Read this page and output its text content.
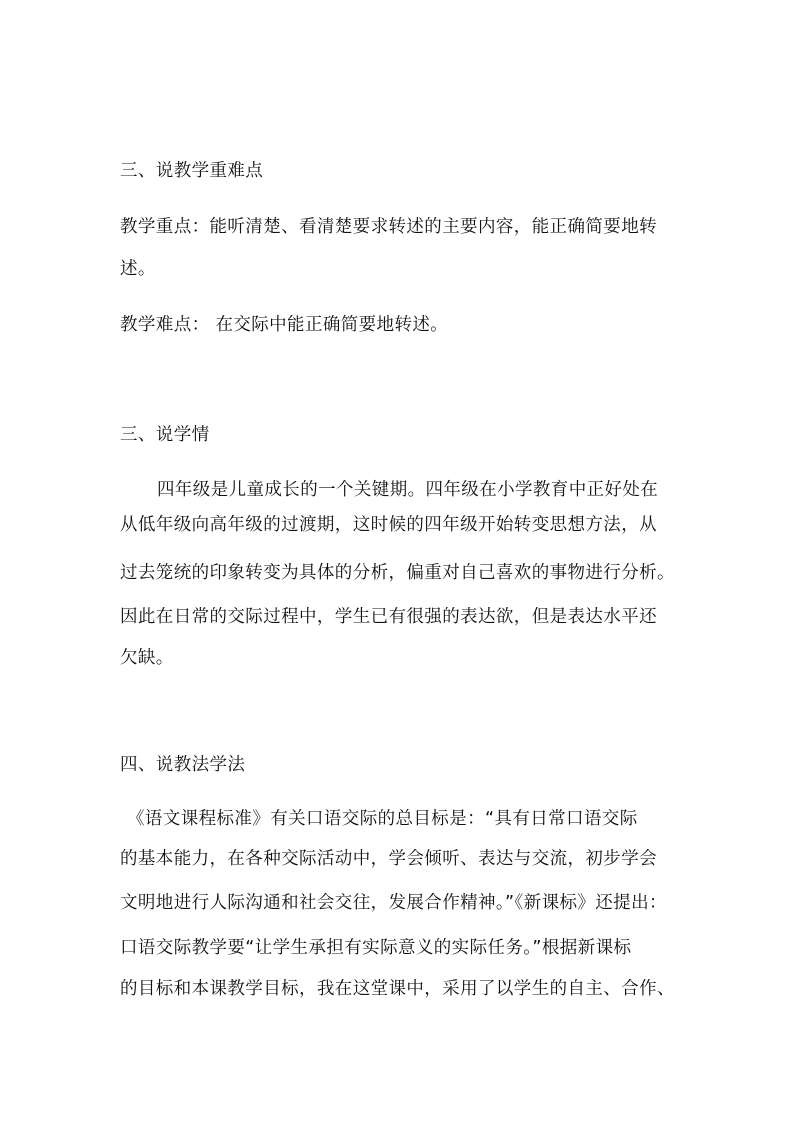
三、说教学重难点
教学重点：能听清楚、看清楚要求转述的主要内容，能正确简要地转
述。
教学难点： 在交际中能正确简要地转述。
三、说学情
四年级是儿童成长的一个关键期。四年级在小学教育中正好处在
从低年级向高年级的过渡期，这时候的四年级开始转变思想方法，从
过去笼统的印象转变为具体的分析，偏重对自己喜欢的事物进行分析。
因此在日常的交际过程中，学生已有很强的表达欲，但是表达水平还
欠缺。
四、说教法学法
《语文课程标准》有关口语交际的总目标是：“具有日常口语交际
的基本能力，在各种交际活动中，学会倾听、表达与交流，初步学会
文明地进行人际沟通和社会交往，发展合作精神。”《新课标》还提出：
口语交际教学要“让学生承担有实际意义的实际任务。”根据新课标
的目标和本课教学目标，我在这堂课中，采用了以学生的自主、合作、
